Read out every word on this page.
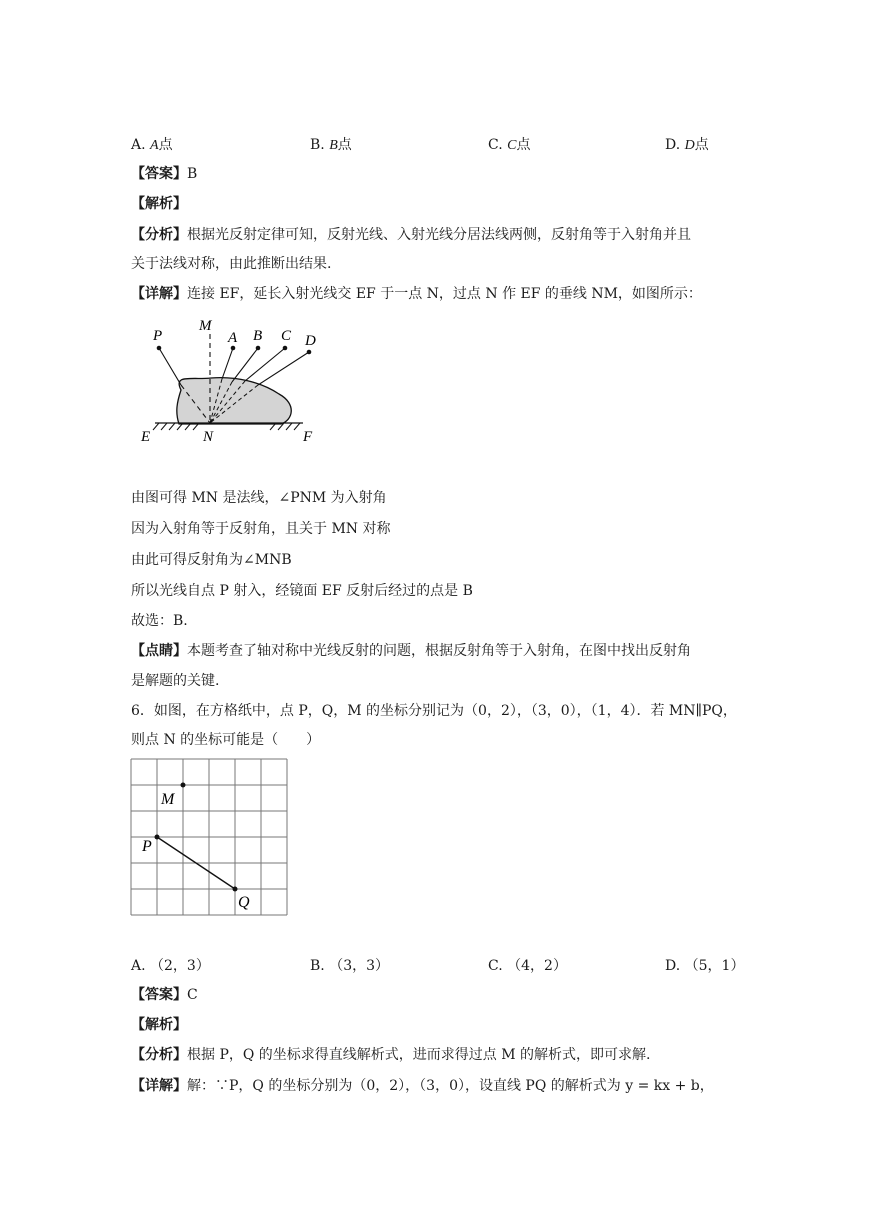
A. A点	B. B点	C. C点	D. D点
【答案】B
【解析】
【分析】根据光反射定律可知，反射光线、入射光线分居法线两侧，反射角等于入射角并且
关于法线对称，由此推断出结果.
【详解】连接 EF，延长入射光线交 EF 于一点 N，过点 N 作 EF 的垂线 NM，如图所示：
P
M
A B C D
E	N	F
由图可得 MN 是法线，∠PNM 为入射角
因为入射角等于反射角，且关于 MN 对称
由此可得反射角为∠MNB
所以光线自点 P 射入，经镜面 EF 反射后经过的点是 B
故选：B.
【点睛】本题考查了轴对称中光线反射的问题，根据反射角等于入射角，在图中找出反射角
是解题的关键.
6．如图，在方格纸中，点 P，Q，M 的坐标分别记为（0，2），（3，0），（1，4）．若 MN∥PQ，
则点 N 的坐标可能是（　　）
M
P
Q
A. （2，3）	B. （3，3）	C. （4，2）	D. （5，1）
【答案】C
【解析】
【分析】根据 P，Q 的坐标求得直线解析式，进而求得过点 M 的解析式，即可求解.
【详解】解：∵P，Q 的坐标分别为（0，2），（3，0），设直线 PQ 的解析式为 y = kx + b，
